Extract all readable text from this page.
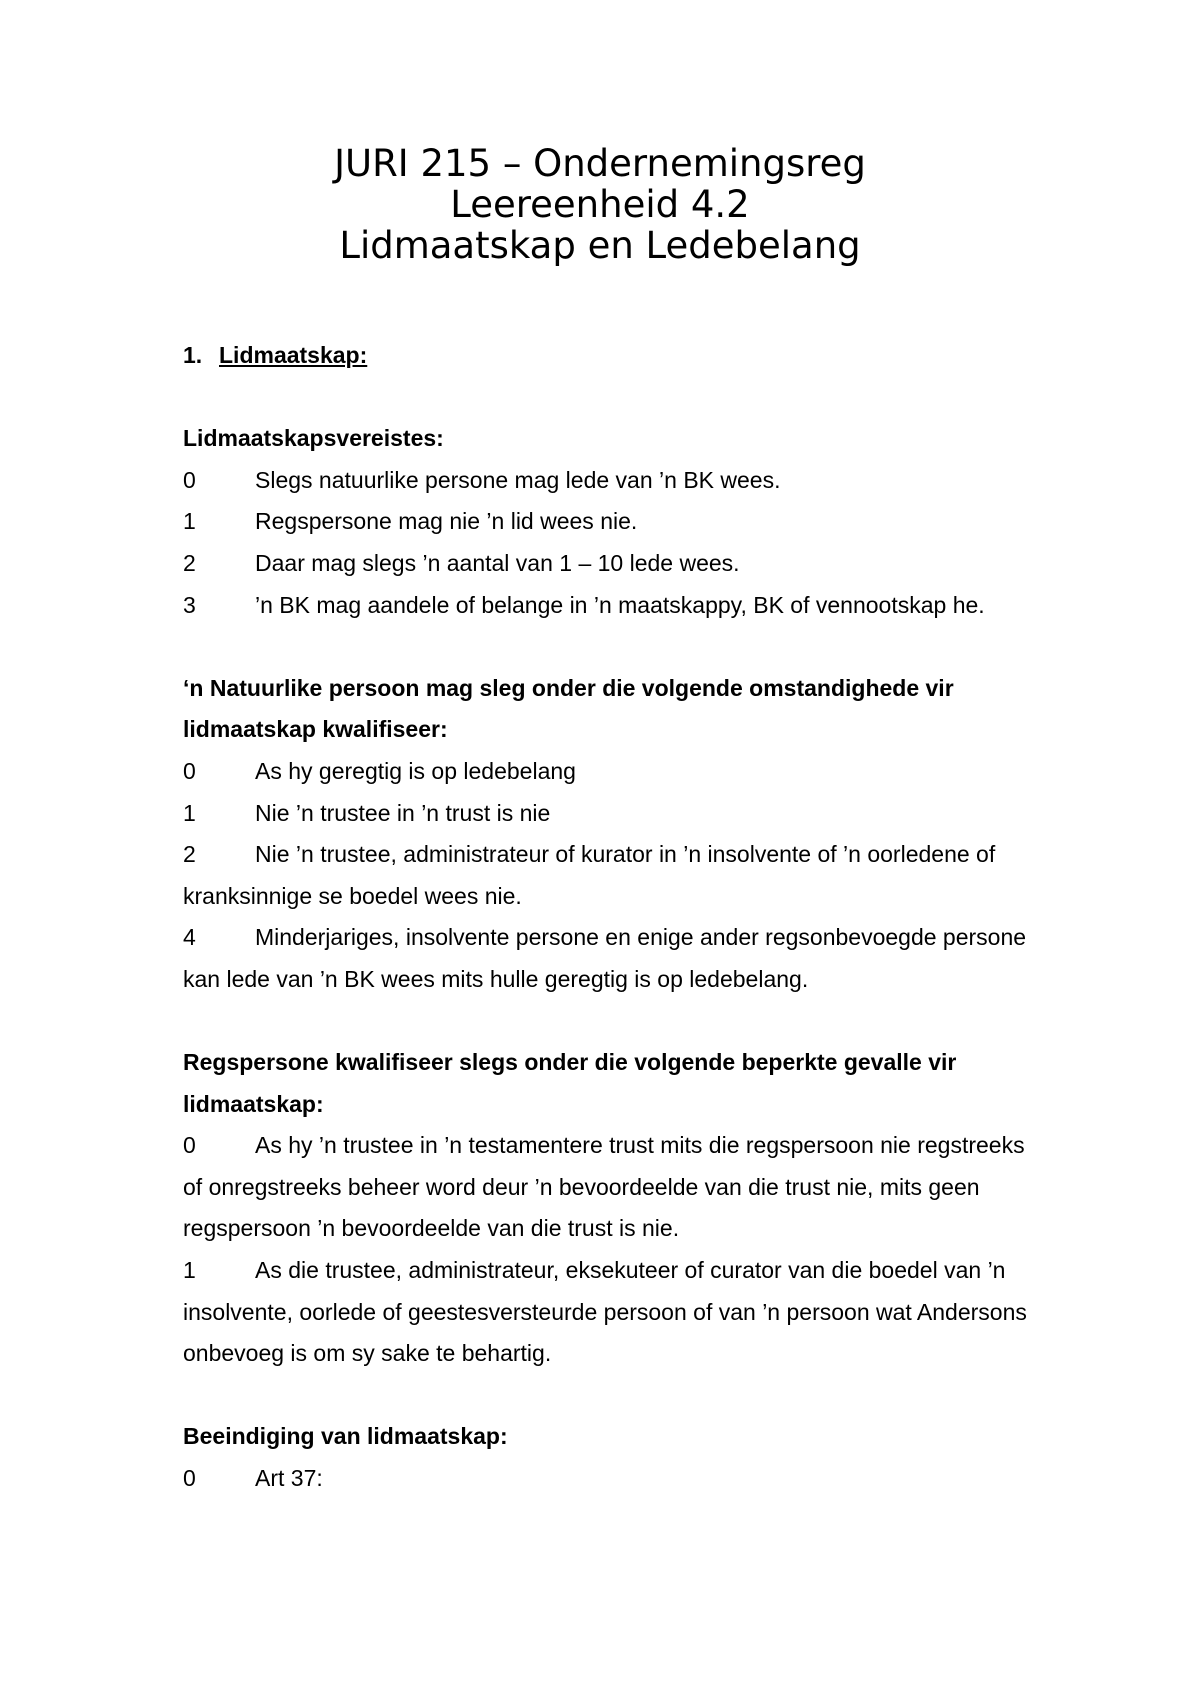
JURI 215 – Ondernemingsreg
Leereenheid 4.2
Lidmaatskap en Ledebelang
1. Lidmaatskap:
Lidmaatskapsvereistes:
0	Slegs natuurlike persone mag lede van ’n BK wees.
1	Regspersone mag nie ’n lid wees nie.
2	Daar mag slegs ’n aantal van 1 – 10 lede wees.
3	’n BK mag aandele of belange in ’n maatskappy, BK of vennootskap he.
‘n Natuurlike persoon mag sleg onder die volgende omstandighede vir lidmaatskap kwalifiseer:
0	As hy geregtig is op ledebelang
1	Nie ’n trustee in ’n trust is nie
2	Nie ’n trustee, administrateur of kurator in ’n insolvente of ’n oorledene of kranksinnige se boedel wees nie.
4	Minderjariges, insolvente persone en enige ander regsonbevoegde persone kan lede van ’n BK wees mits hulle geregtig is op ledebelang.
Regspersone kwalifiseer slegs onder die volgende beperkte gevalle vir lidmaatskap:
0	As hy ’n trustee in ’n testamentere trust mits die regspersoon nie regstreeks of onregstreeks beheer word deur ’n bevoordeelde van die trust nie, mits geen regspersoon ’n bevoordeelde van die trust is nie.
1	As die trustee, administrateur, eksekuteer of curator van die boedel van ’n insolvente, oorlede of geestesversteurde persoon of van ’n persoon wat Andersons onbevoeg is om sy sake te behartig.
Beeindiging van lidmaatskap:
0	Art 37:
